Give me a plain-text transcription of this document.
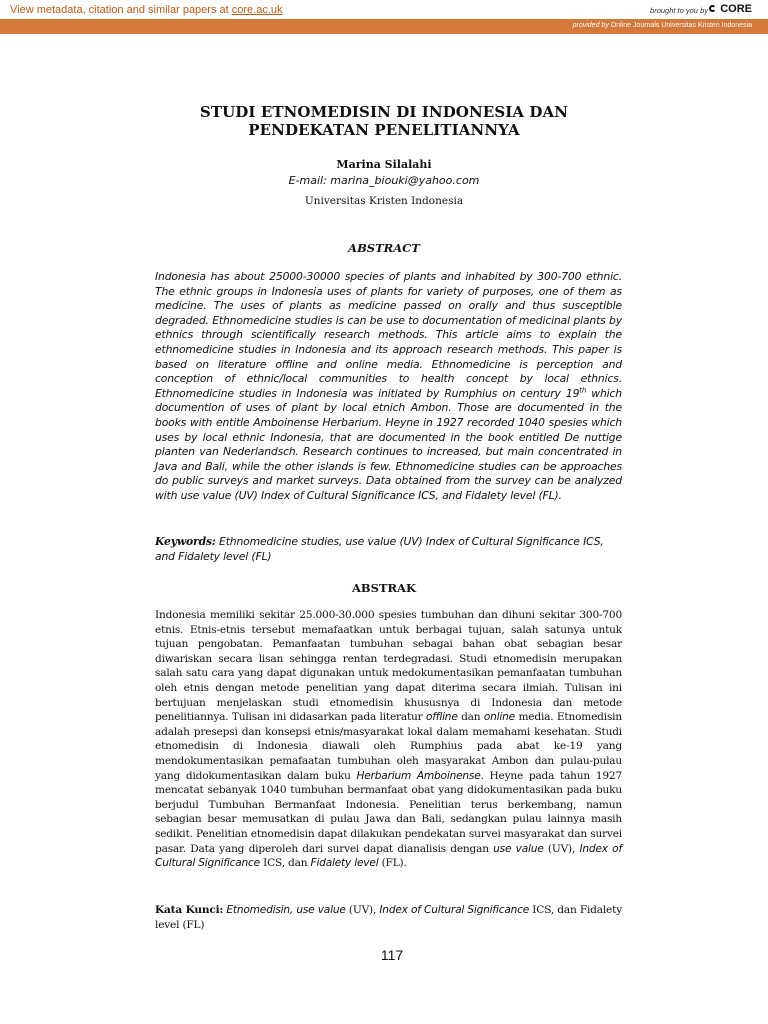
View metadata, citation and similar papers at core.ac.uk	brought to you by CORE
provided by Online Journals Universitas Kristen Indonesia
STUDI ETNOMEDISIN DI INDONESIA DAN PENDEKATAN PENELITIANNYA
Marina Silalahi
E-mail: marina_biouki@yahoo.com
Universitas Kristen Indonesia
ABSTRACT
Indonesia has about 25000-30000 species of plants and inhabited by 300-700 ethnic. The ethnic groups in Indonesia uses of plants for variety of purposes, one of them as medicine. The uses of plants as medicine passed on orally and thus susceptible degraded. Ethnomedicine studies is can be use to documentation of medicinal plants by ethnics through scientifically research methods. This article aims to explain the ethnomedicine studies in Indonesia and its approach research methods. This paper is based on literature offline and online media. Ethnomedicine is perception and conception of ethnic/local communities to health concept by local ethnics. Ethnomedicine studies in Indonesia was initiated by Rumphius on century 19th which documention of uses of plant by local etnich Ambon. Those are documented in the books with entitle Amboinense Herbarium. Heyne in 1927 recorded 1040 spesies which uses by local ethnic Indonesia, that are documented in the book entitled De nuttige planten van Nederlandsch. Research continues to increased, but main concentrated in Java and Bali, while the other islands is few. Ethnomedicine studies can be approaches do public surveys and market surveys. Data obtained from the survey can be analyzed with use value (UV) Index of Cultural Significance ICS, and Fidalety level (FL).
Keywords: Ethnomedicine studies, use value (UV) Index of Cultural Significance ICS, and Fidalety level (FL)
ABSTRAK
Indonesia memiliki sekitar 25.000-30.000 spesies tumbuhan dan dihuni sekitar 300-700 etnis. Etnis-etnis tersebut memafaatkan untuk berbagai tujuan, salah satunya untuk tujuan pengobatan. Pemanfaatan tumbuhan sebagai bahan obat sebagian besar diwariskan secara lisan sehingga rentan terdegradasi. Studi etnomedisin merupakan salah satu cara yang dapat digunakan untuk medokumentasikan pemanfaatan tumbuhan oleh etnis dengan metode penelitian yang dapat diterima secara ilmiah. Tulisan ini bertujuan menjelaskan studi etnomedisin khususnya di Indonesia dan metode penelitiannya. Tulisan ini didasarkan pada literatur offline dan online media. Etnomedisin adalah presepsi dan konsepsi etnis/masyarakat lokal dalam memahami kesehatan. Studi etnomedisin di Indonesia diawali oleh Rumphius pada abat ke-19 yang mendokumentasikan pemafaatan tumbuhan oleh masyarakat Ambon dan pulau-pulau yang didokumentasikan dalam buku Herbarium Amboinense. Heyne pada tahun 1927 mencatat sebanyak 1040 tumbuhan bermanfaat obat yang didokumentasikan pada buku berjudul Tumbuhan Bermanfaat Indonesia. Penelitian terus berkembang, namun sebagian besar memusatkan di pulau Jawa dan Bali, sedangkan pulau lainnya masih sedikit. Penelitian etnomedisin dapat dilakukan pendekatan survei masyarakat dan survei pasar. Data yang diperoleh dari survei dapat dianalisis dengan use value (UV), Index of Cultural Significance ICS, dan Fidalety level (FL).
Kata Kunci: Etnomedisin, use value (UV), Index of Cultural Significance ICS, dan Fidalety level (FL)
117
